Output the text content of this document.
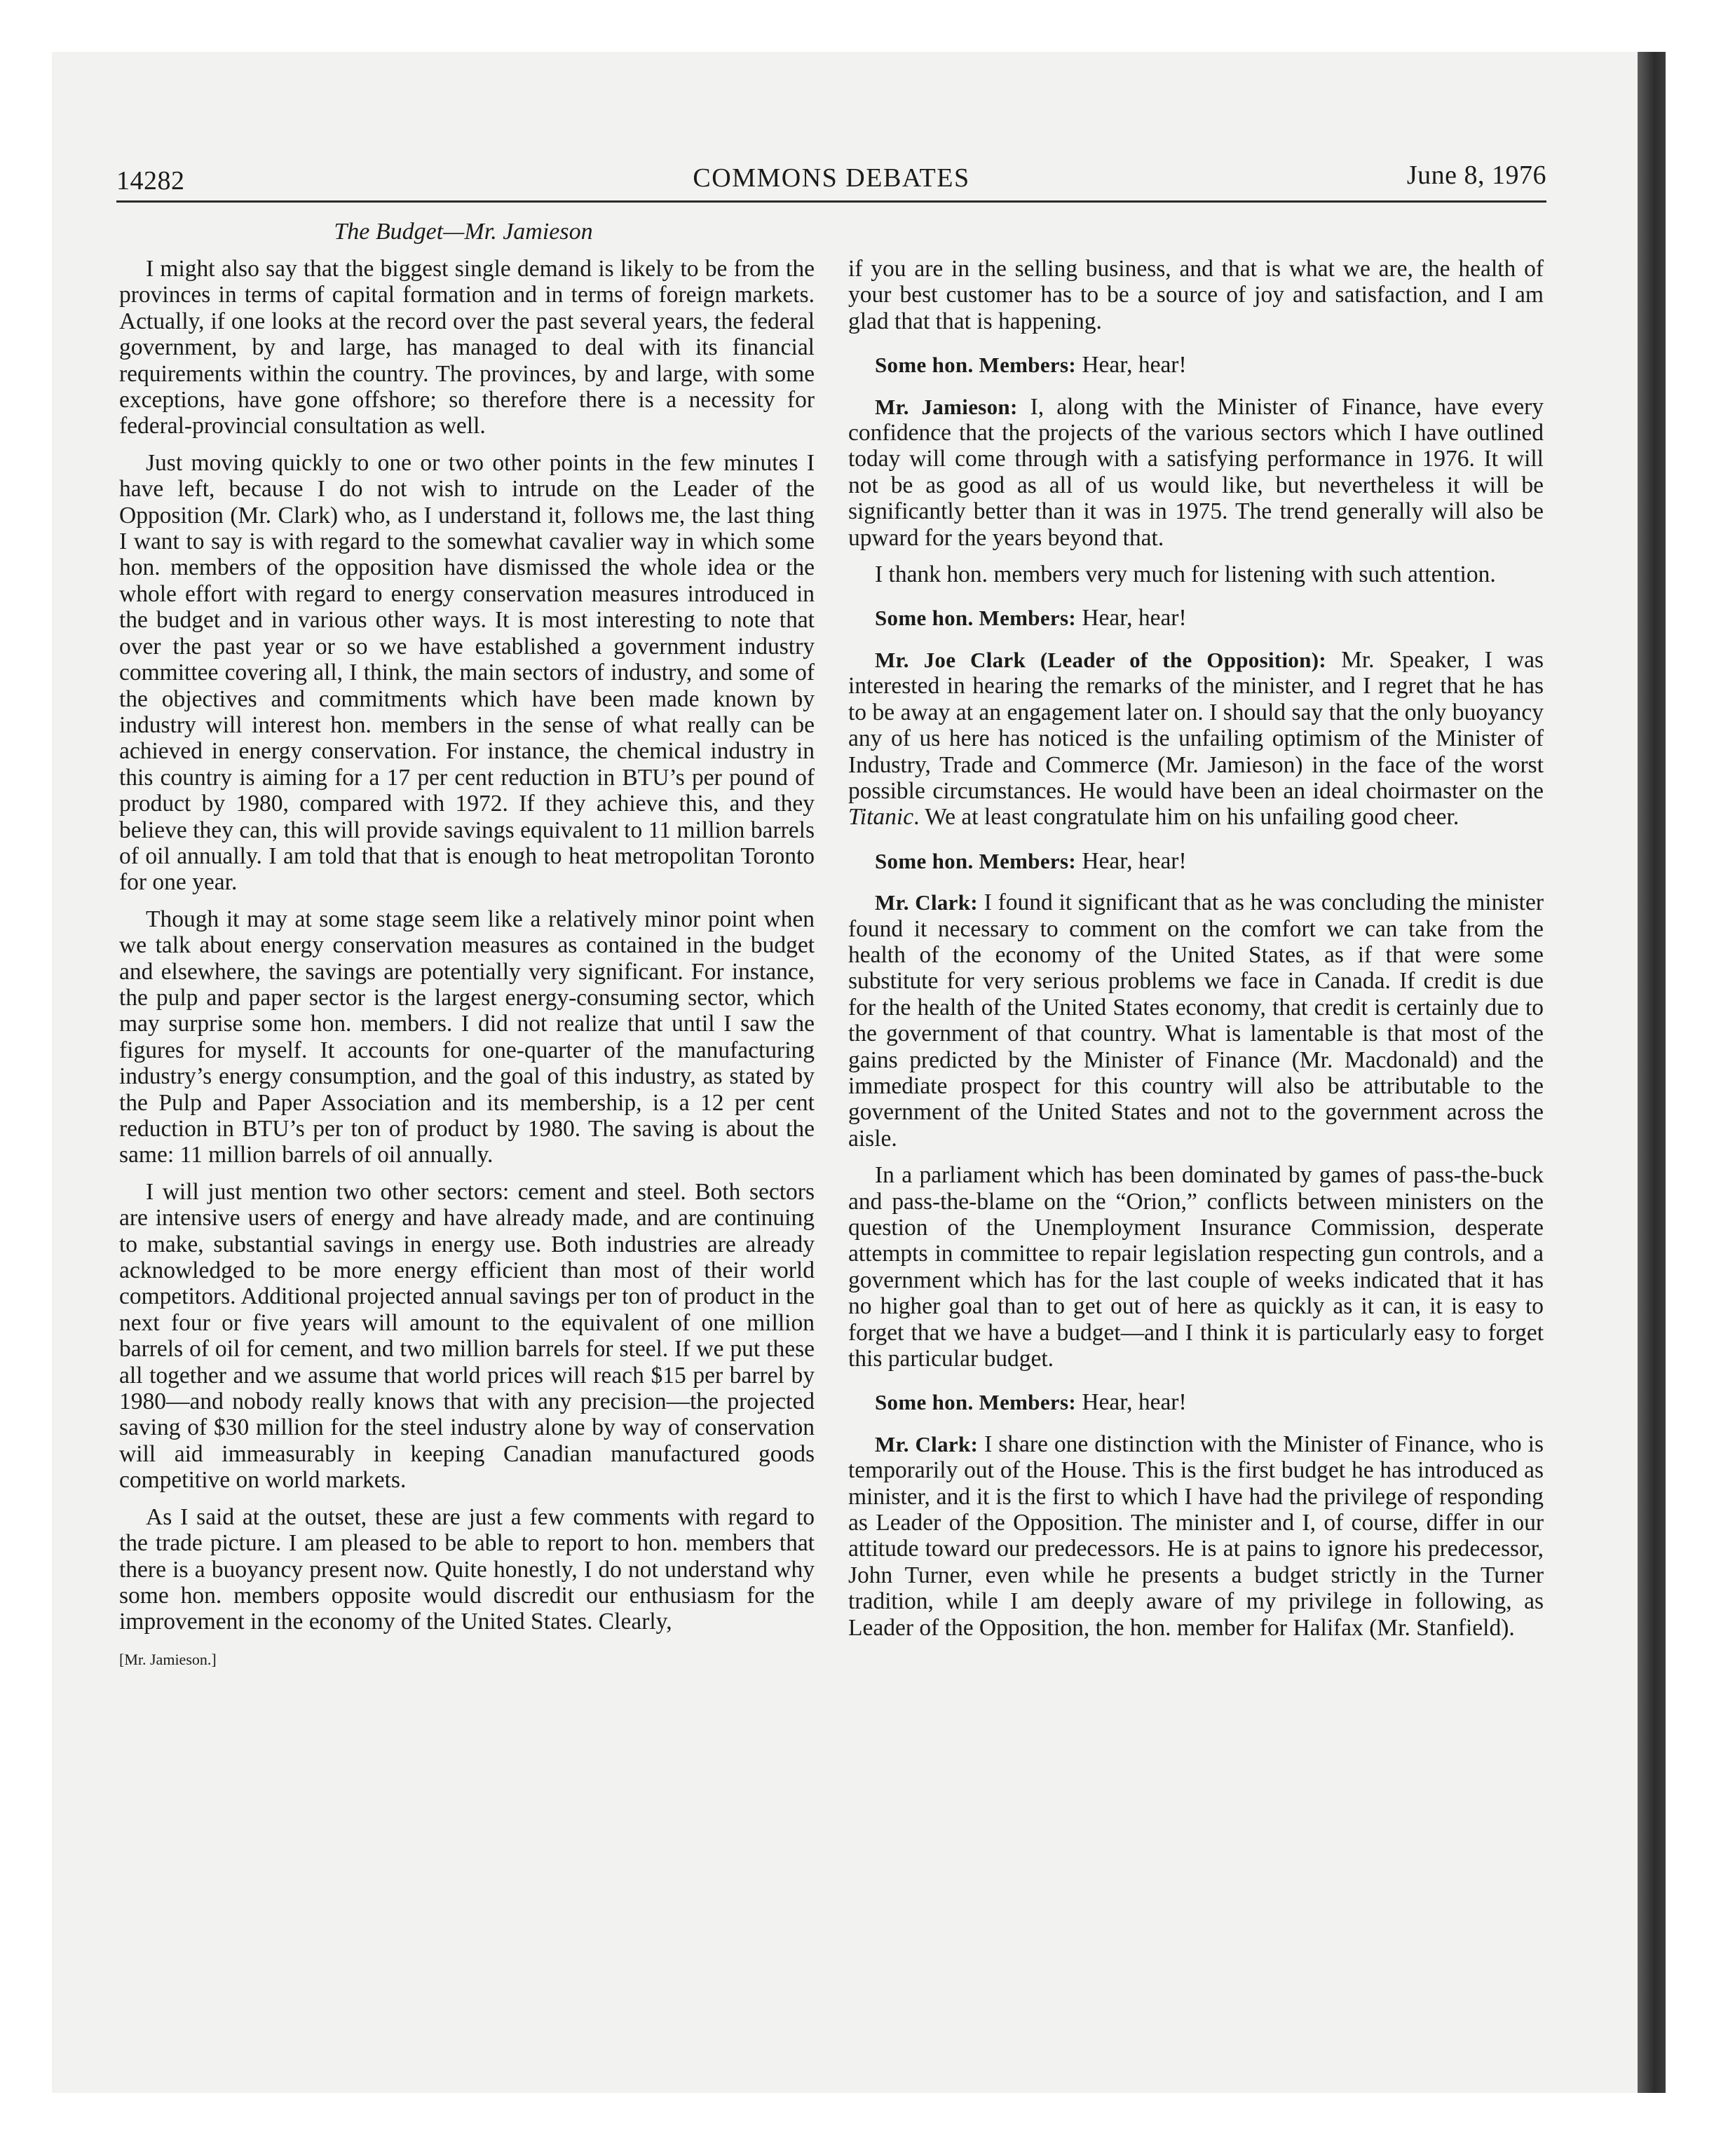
14282	COMMONS DEBATES	June 8, 1976
The Budget—Mr. Jamieson

I might also say that the biggest single demand is likely to be from the provinces in terms of capital formation and in terms of foreign markets. Actually, if one looks at the record over the past several years, the federal government, by and large, has managed to deal with its financial requirements within the country. The provinces, by and large, with some exceptions, have gone offshore; so therefore there is a necessity for federal-provincial consultation as well.

Just moving quickly to one or two other points in the few minutes I have left, because I do not wish to intrude on the Leader of the Opposition (Mr. Clark) who, as I understand it, follows me, the last thing I want to say is with regard to the somewhat cavalier way in which some hon. members of the opposition have dismissed the whole idea or the whole effort with regard to energy conservation measures introduced in the budget and in various other ways. It is most interesting to note that over the past year or so we have established a government industry committee covering all, I think, the main sectors of industry, and some of the objectives and commitments which have been made known by industry will interest hon. members in the sense of what really can be achieved in energy conservation. For instance, the chemical industry in this country is aiming for a 17 per cent reduction in BTU’s per pound of product by 1980, compared with 1972. If they achieve this, and they believe they can, this will provide savings equivalent to 11 million barrels of oil annually. I am told that that is enough to heat metropolitan Toronto for one year.

Though it may at some stage seem like a relatively minor point when we talk about energy conservation measures as contained in the budget and elsewhere, the savings are potentially very significant. For instance, the pulp and paper sector is the largest energy-consuming sector, which may surprise some hon. members. I did not realize that until I saw the figures for myself. It accounts for one-quarter of the manufacturing industry’s energy consumption, and the goal of this industry, as stated by the Pulp and Paper Association and its membership, is a 12 per cent reduction in BTU’s per ton of product by 1980. The saving is about the same: 11 million barrels of oil annually.

I will just mention two other sectors: cement and steel. Both sectors are intensive users of energy and have already made, and are continuing to make, substantial savings in energy use. Both industries are already acknowledged to be more energy efficient than most of their world competitors. Additional projected annual savings per ton of product in the next four or five years will amount to the equivalent of one million barrels of oil for cement, and two million barrels for steel. If we put these all together and we assume that world prices will reach $15 per barrel by 1980—and nobody really knows that with any precision—the projected saving of $30 million for the steel industry alone by way of conservation will aid immeasurably in keeping Canadian manufactured goods competitive on world markets.

As I said at the outset, these are just a few comments with regard to the trade picture. I am pleased to be able to report to hon. members that there is a buoyancy present now. Quite honestly, I do not understand why some hon. members opposite would discredit our enthusiasm for the improvement in the economy of the United States. Clearly,

[Mr. Jamieson.]

if you are in the selling business, and that is what we are, the health of your best customer has to be a source of joy and satisfaction, and I am glad that that is happening.

Some hon. Members: Hear, hear!

Mr. Jamieson: I, along with the Minister of Finance, have every confidence that the projects of the various sectors which I have outlined today will come through with a satisfying performance in 1976. It will not be as good as all of us would like, but nevertheless it will be significantly better than it was in 1975. The trend generally will also be upward for the years beyond that.

I thank hon. members very much for listening with such attention.

Some hon. Members: Hear, hear!

Mr. Joe Clark (Leader of the Opposition): Mr. Speaker, I was interested in hearing the remarks of the minister, and I regret that he has to be away at an engagement later on. I should say that the only buoyancy any of us here has noticed is the unfailing optimism of the Minister of Industry, Trade and Commerce (Mr. Jamieson) in the face of the worst possible circumstances. He would have been an ideal choirmaster on the Titanic. We at least congratulate him on his unfailing good cheer.

Some hon. Members: Hear, hear!

Mr. Clark: I found it significant that as he was concluding the minister found it necessary to comment on the comfort we can take from the health of the economy of the United States, as if that were some substitute for very serious problems we face in Canada. If credit is due for the health of the United States economy, that credit is certainly due to the government of that country. What is lamentable is that most of the gains predicted by the Minister of Finance (Mr. Macdonald) and the immediate prospect for this country will also be attributable to the government of the United States and not to the government across the aisle.

In a parliament which has been dominated by games of pass-the-buck and pass-the-blame on the “Orion,” conflicts between ministers on the question of the Unemployment Insurance Commission, desperate attempts in committee to repair legislation respecting gun controls, and a government which has for the last couple of weeks indicated that it has no higher goal than to get out of here as quickly as it can, it is easy to forget that we have a budget—and I think it is particularly easy to forget this particular budget.

Some hon. Members: Hear, hear!

Mr. Clark: I share one distinction with the Minister of Finance, who is temporarily out of the House. This is the first budget he has introduced as minister, and it is the first to which I have had the privilege of responding as Leader of the Opposition. The minister and I, of course, differ in our attitude toward our predecessors. He is at pains to ignore his predecessor, John Turner, even while he presents a budget strictly in the Turner tradition, while I am deeply aware of my privilege in following, as Leader of the Opposition, the hon. member for Halifax (Mr. Stanfield).
